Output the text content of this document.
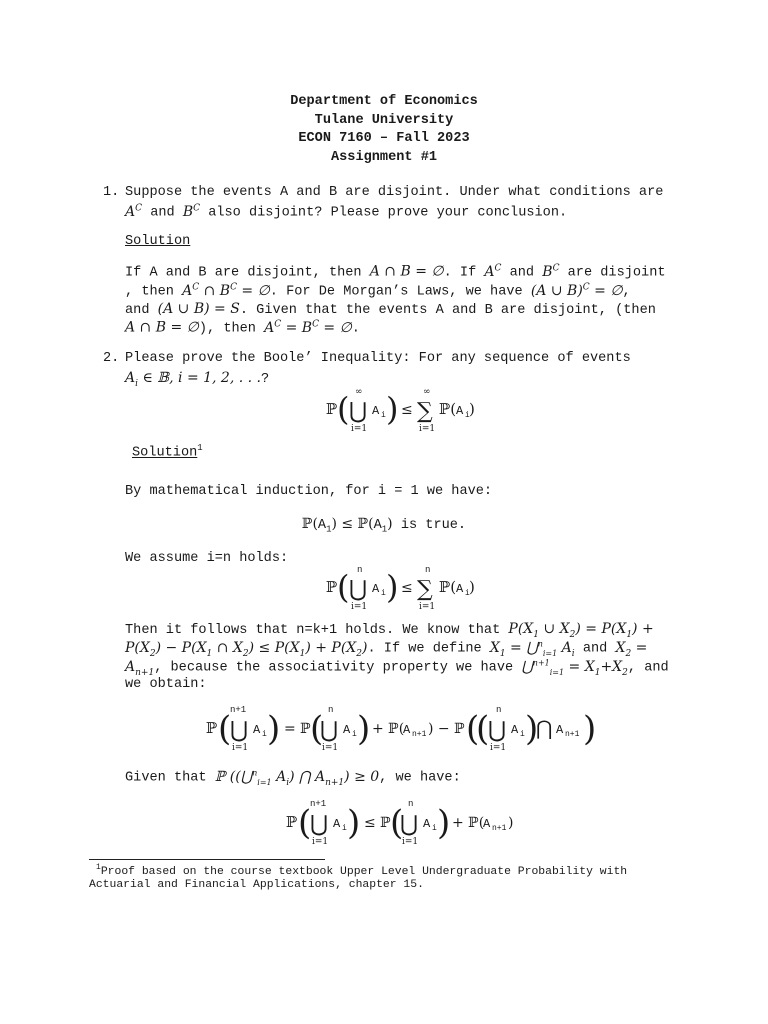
Department of Economics
Tulane University
ECON 7160 – Fall 2023
Assignment #1
1. Suppose the events A and B are disjoint. Under what conditions are
$A^C$ and $B^C$ also disjoint? Please prove your conclusion.
Solution
If A and B are disjoint, then A ∩ B = ∅. If $A^C$ and $B^C$ are disjoint
, then $A^C$ ∩ $B^C$ = ∅. For De Morgan’s Laws, we have (A ∪ B)$^C$ = ∅,
and (A ∪ B) = S. Given that the events A and B are disjoint, (then
A ∩ B = ∅), then $A^C = B^C$ = ∅.
2. Please prove the Boole’ Inequality: For any sequence of events
$A_i$ ∈ 𝔹, i = 1, 2, . . .?
ℙ ( ∞
⋃
i=1
A i ) ≤
∞
∑
i=1
ℙ( A i )
Solution$^1$
By mathematical induction, for i = 1 we have:
$ℙ(A_1)$ ≤ $ℙ(A_1)$ is true.
We assume i=n holds:
ℙ ( n
⋃
i=1
A i ) ≤
n
∑
i=1
ℙ( A i )
Then it follows that n=k+1 holds. We know that $P(X_1$ ∪ $X_2) = P(X_1)$ +
$P(X_2) - P(X_1$ ∩ $X_2) \le P(X_1) + P(X_2)$. If we define $X_1$ = ⋃$^n_{i=1}$ $A_i$ and $X_2$ =
$A_{n+1}$, because the associativity property we have ⋃$^{n+1}_{i=1}$ = $X_1+X_2$, and
we obtain:
ℙ (
n+1
⋃
i=1
A i ) = ℙ ( n
⋃
i=1
A i ) + ℙ(
A n+1 ) − ℙ (
( n
⋃
i=1
A i )
⋂ A n+1 )
Given that ℙ ((⋃$^n_{i=1}$ $A_i$) ⋂ $A_{n+1}) \ge 0$, we have:
ℙ (
n+1
⋃
i=1
A i ) ≤ ℙ ( n
⋃
i=1
A i ) + ℙ(
A n+1 )
$^1$Proof based on the course textbook Upper Level Undergraduate Probability with
Actuarial and Financial Applications, chapter 15.
